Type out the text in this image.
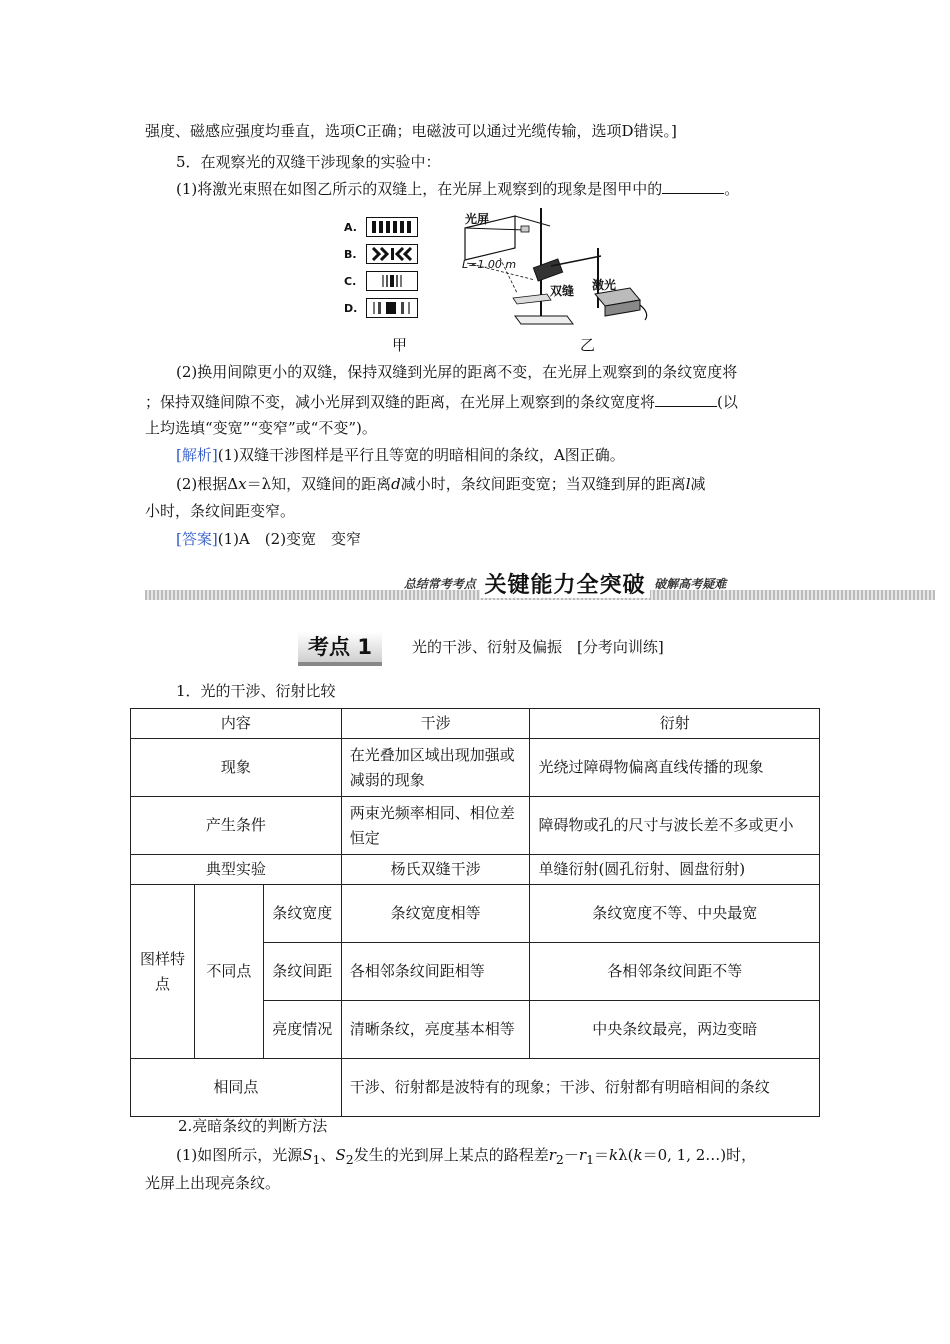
强度、磁感应强度均垂直，选项C正确；电磁波可以通过光缆传输，选项D错误。]
5．在观察光的双缝干涉现象的实验中：
(1)将激光束照在如图乙所示的双缝上，在光屏上观察到的现象是图甲中的	。
A.
B.
C.
D.
光屏
L=1.00 m
双缝 激光
甲	乙
(2)换用间隙更小的双缝，保持双缝到光屏的距离不变，在光屏上观察到的条纹宽度将
；保持双缝间隙不变，减小光屏到双缝的距离，在光屏上观察到的条纹宽度将	(以
上均选填“变宽”“变窄”或“不变”)。
[解析](1)双缝干涉图样是平行且等宽的明暗相间的条纹，A图正确。
(2)根据Δx＝λ知，双缝间的距离d减小时，条纹间距变宽；当双缝到屏的距离l减
小时，条纹间距变窄。
[答案](1)A　(2)变宽　变窄
$^{总结常考考点}$ 关键能力全突破 $^{破解高考疑难}$
考点 1	光的干涉、衍射及偏振　[分考向训练]
1．光的干涉、衍射比较
内容			干涉	衍射
现象			在光叠加区域出现加强或减弱的现象	光绕过障碍物偏离直线传播的现象
产生条件			两束光频率相同、相位差恒定	障碍物或孔的尺寸与波长差不多或更小
典型实验			杨氏双缝干涉	单缝衍射(圆孔衍射、圆盘衍射)
图样特点	不同点	条纹宽度	条纹宽度相等	条纹宽度不等、中央最宽
		条纹间距	各相邻条纹间距相等	各相邻条纹间距不等
		亮度情况	清晰条纹，亮度基本相等	中央条纹最亮，两边变暗
相同点			干涉、衍射都是波特有的现象；干涉、衍射都有明暗相间的条纹	
2.亮暗条纹的判断方法
(1)如图所示，光源$S_1$、$S_2$发生的光到屏上某点的路程差$r_2-r_1=k\lambda(k=0$, 1, 2…)时，
光屏上出现亮条纹。
